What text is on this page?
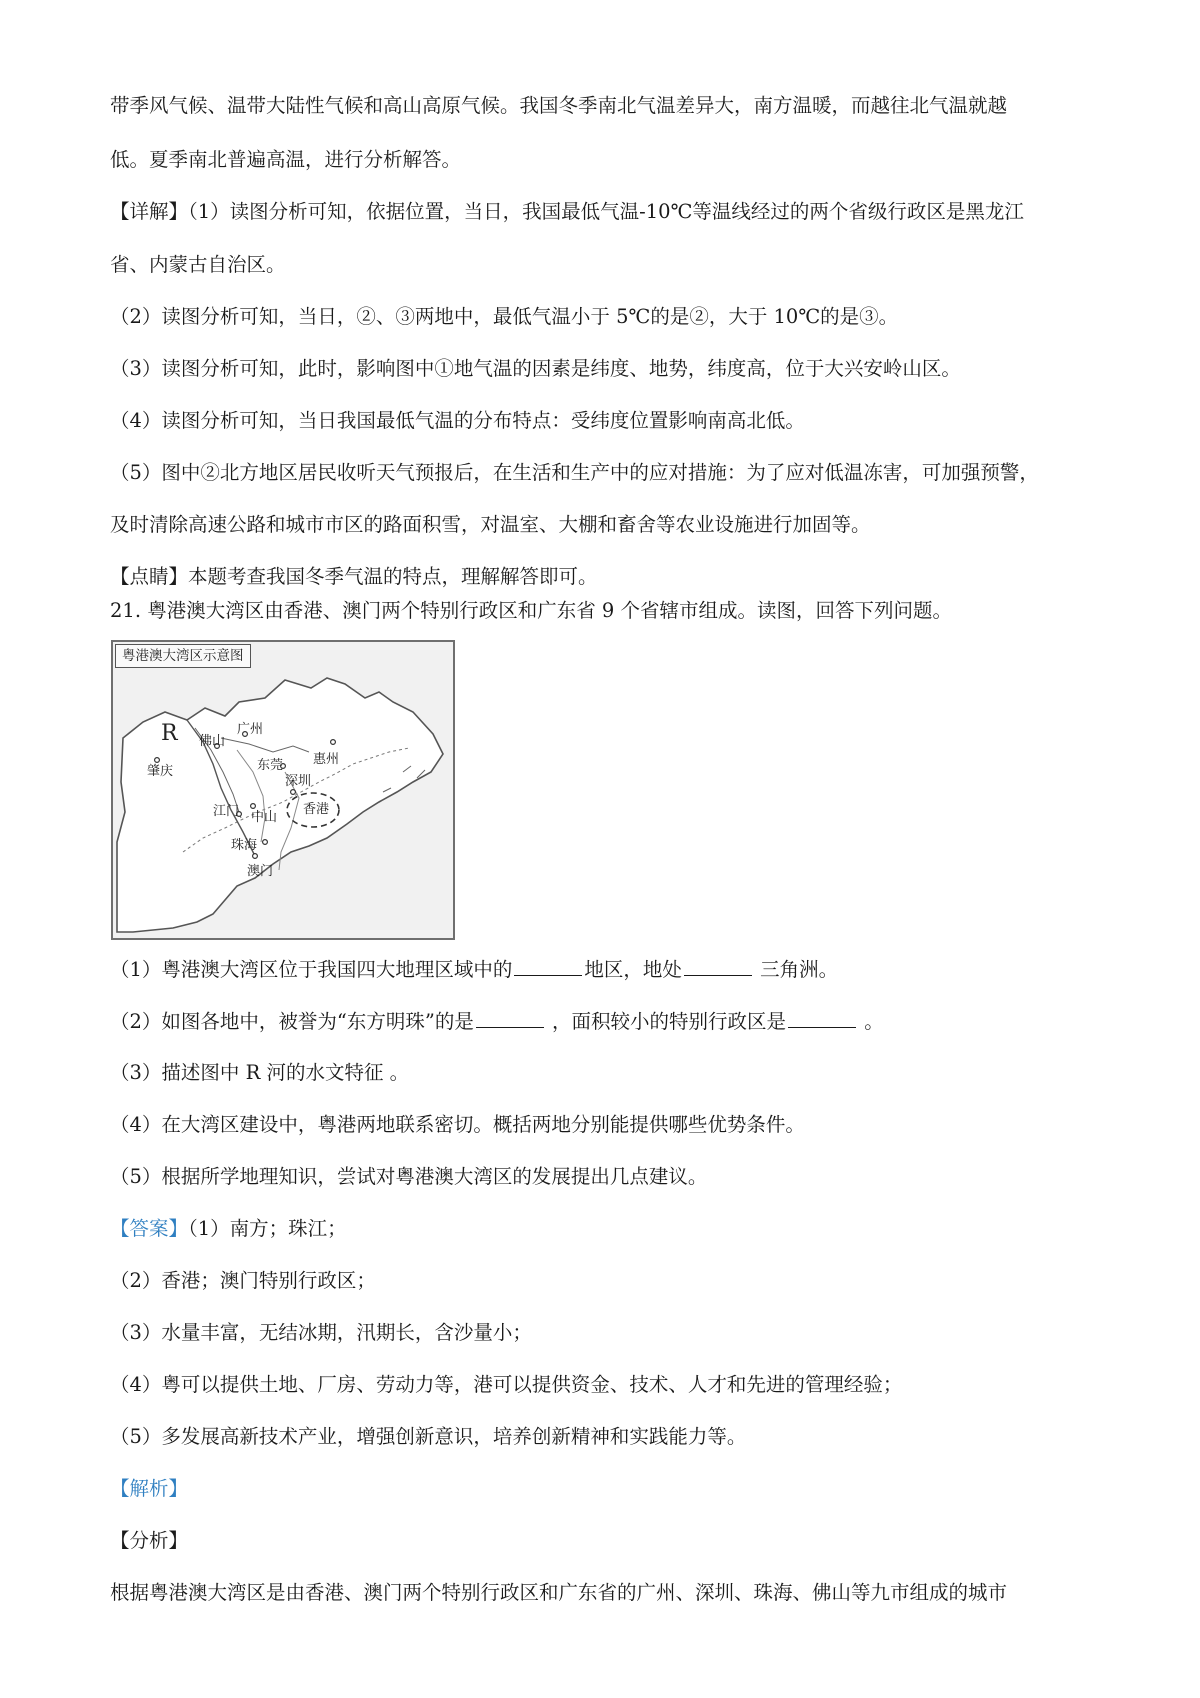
带季风气候、温带大陆性气候和高山高原气候。我国冬季南北气温差异大，南方温暖，而越往北气温就越
低。夏季南北普遍高温，进行分析解答。
【详解】（1）读图分析可知，依据位置，当日，我国最低气温-10℃等温线经过的两个省级行政区是黑龙江
省、内蒙古自治区。
（2）读图分析可知，当日，②、③两地中，最低气温小于 5℃的是②，大于 10℃的是③。
（3）读图分析可知，此时，影响图中①地气温的因素是纬度、地势，纬度高，位于大兴安岭山区。
（4）读图分析可知，当日我国最低气温的分布特点：受纬度位置影响南高北低。
（5）图中②北方地区居民收听天气预报后，在生活和生产中的应对措施：为了应对低温冻害，可加强预警，
及时清除高速公路和城市市区的路面积雪，对温室、大棚和畜舍等农业设施进行加固等。
【点睛】本题考查我国冬季气温的特点，理解解答即可。
21. 粤港澳大湾区由香港、澳门两个特别行政区和广东省 9 个省辖市组成。读图，回答下列问题。
粤港澳大湾区示意图
R	广州
佛山
肇庆	东莞 惠州
深圳
江门 中山
香港
珠海
澳门
（1）粤港澳大湾区位于我国四大地理区域中的	地区，地处	三角洲。
（2）如图各地中，被誉为“东方明珠”的是	，面积较小的特别行政区是	。
（3）描述图中 R 河的水文特征 。
（4）在大湾区建设中，粤港两地联系密切。概括两地分别能提供哪些优势条件。
（5）根据所学地理知识，尝试对粤港澳大湾区的发展提出几点建议。
【答案】（1）南方；珠江；
（2）香港；澳门特别行政区；
（3）水量丰富，无结冰期，汛期长，含沙量小；
（4）粤可以提供土地、厂房、劳动力等，港可以提供资金、技术、人才和先进的管理经验；
（5）多发展高新技术产业，增强创新意识，培养创新精神和实践能力等。
【解析】
【分析】
根据粤港澳大湾区是由香港、澳门两个特别行政区和广东省的广州、深圳、珠海、佛山等九市组成的城市
